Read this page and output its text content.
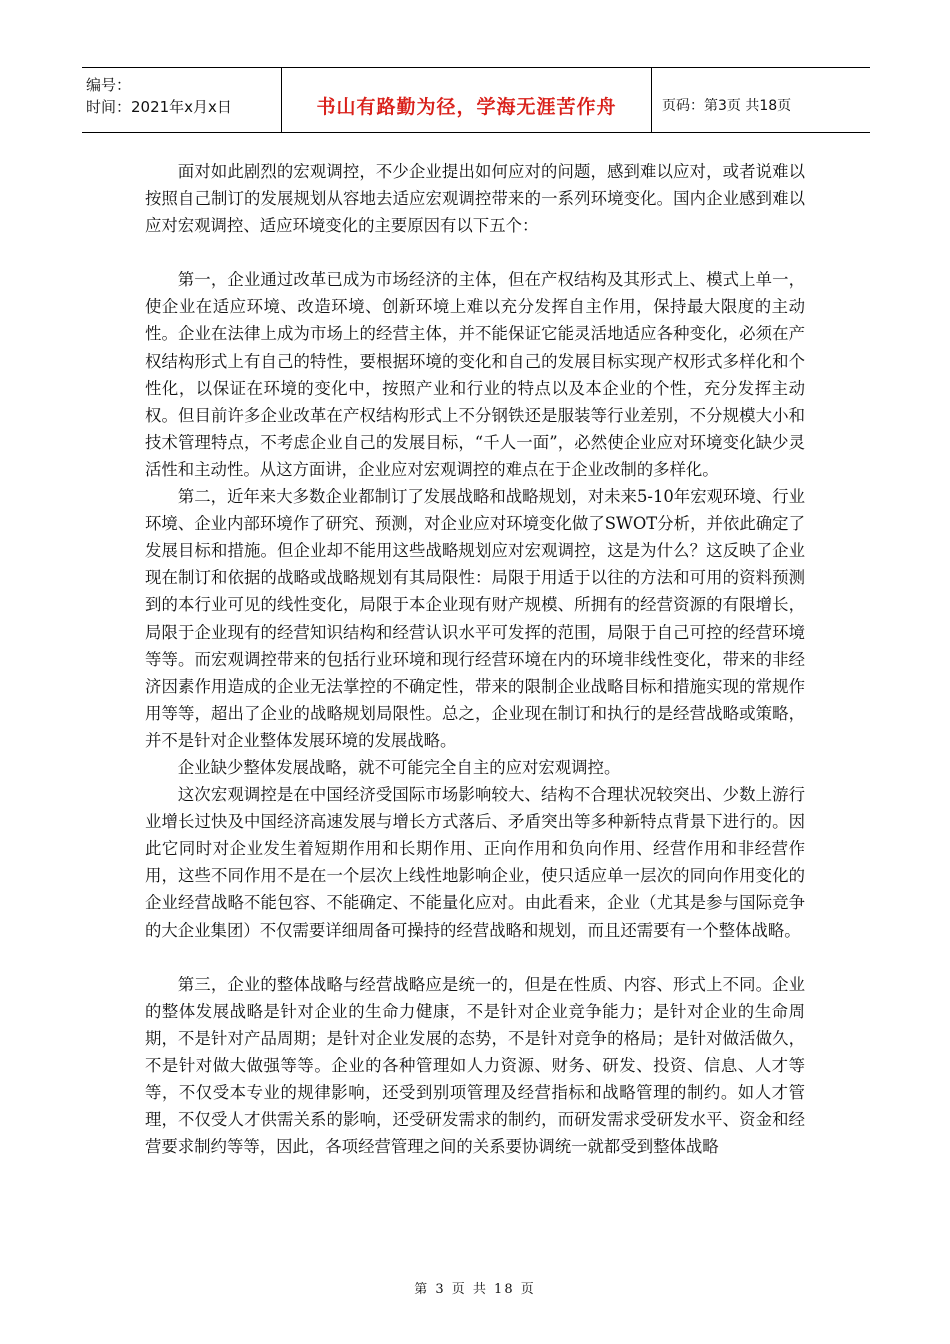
编号：
时间：2021年x月x日	书山有路勤为径，学海无涯苦作舟	页码：第3页 共18页

面对如此剧烈的宏观调控，不少企业提出如何应对的问题，感到难以应对，或者说难以按照自己制订的发展规划从容地去适应宏观调控带来的一系列环境变化。国内企业感到难以应对宏观调控、适应环境变化的主要原因有以下五个：

第一，企业通过改革已成为市场经济的主体，但在产权结构及其形式上、模式上单一，使企业在适应环境、改造环境、创新环境上难以充分发挥自主作用，保持最大限度的主动性。企业在法律上成为市场上的经营主体，并不能保证它能灵活地适应各种变化，必须在产权结构形式上有自己的特性，要根据环境的变化和自己的发展目标实现产权形式多样化和个性化，以保证在环境的变化中，按照产业和行业的特点以及本企业的个性，充分发挥主动权。但目前许多企业改革在产权结构形式上不分钢铁还是服装等行业差别，不分规模大小和技术管理特点，不考虑企业自己的发展目标，“千人一面”，必然使企业应对环境变化缺少灵活性和主动性。从这方面讲，企业应对宏观调控的难点在于企业改制的多样化。

第二，近年来大多数企业都制订了发展战略和战略规划，对未来5-10年宏观环境、行业环境、企业内部环境作了研究、预测，对企业应对环境变化做了SWOT分析，并依此确定了发展目标和措施。但企业却不能用这些战略规划应对宏观调控，这是为什么？这反映了企业现在制订和依据的战略或战略规划有其局限性：局限于用适于以往的方法和可用的资料预测到的本行业可见的线性变化，局限于本企业现有财产规模、所拥有的经营资源的有限增长，局限于企业现有的经营知识结构和经营认识水平可发挥的范围，局限于自己可控的经营环境等等。而宏观调控带来的包括行业环境和现行经营环境在内的环境非线性变化，带来的非经济因素作用造成的企业无法掌控的不确定性，带来的限制企业战略目标和措施实现的常规作用等等，超出了企业的战略规划局限性。总之，企业现在制订和执行的是经营战略或策略，并不是针对企业整体发展环境的发展战略。

企业缺少整体发展战略，就不可能完全自主的应对宏观调控。

这次宏观调控是在中国经济受国际市场影响较大、结构不合理状况较突出、少数上游行业增长过快及中国经济高速发展与增长方式落后、矛盾突出等多种新特点背景下进行的。因此它同时对企业发生着短期作用和长期作用、正向作用和负向作用、经营作用和非经营作用，这些不同作用不是在一个层次上线性地影响企业，使只适应单一层次的同向作用变化的企业经营战略不能包容、不能确定、不能量化应对。由此看来，企业（尤其是参与国际竞争的大企业集团）不仅需要详细周备可操持的经营战略和规划，而且还需要有一个整体战略。

第三，企业的整体战略与经营战略应是统一的，但是在性质、内容、形式上不同。企业的整体发展战略是针对企业的生命力健康，不是针对企业竞争能力；是针对企业的生命周期，不是针对产品周期；是针对企业发展的态势，不是针对竞争的格局；是针对做活做久，不是针对做大做强等等。企业的各种管理如人力资源、财务、研发、投资、信息、人才等等，不仅受本专业的规律影响，还受到别项管理及经营指标和战略管理的制约。如人才管理，不仅受人才供需关系的影响，还受研发需求的制约，而研发需求受研发水平、资金和经营要求制约等等，因此，各项经营管理之间的关系要协调统一就都受到整体战略

第 3 页 共 18 页
